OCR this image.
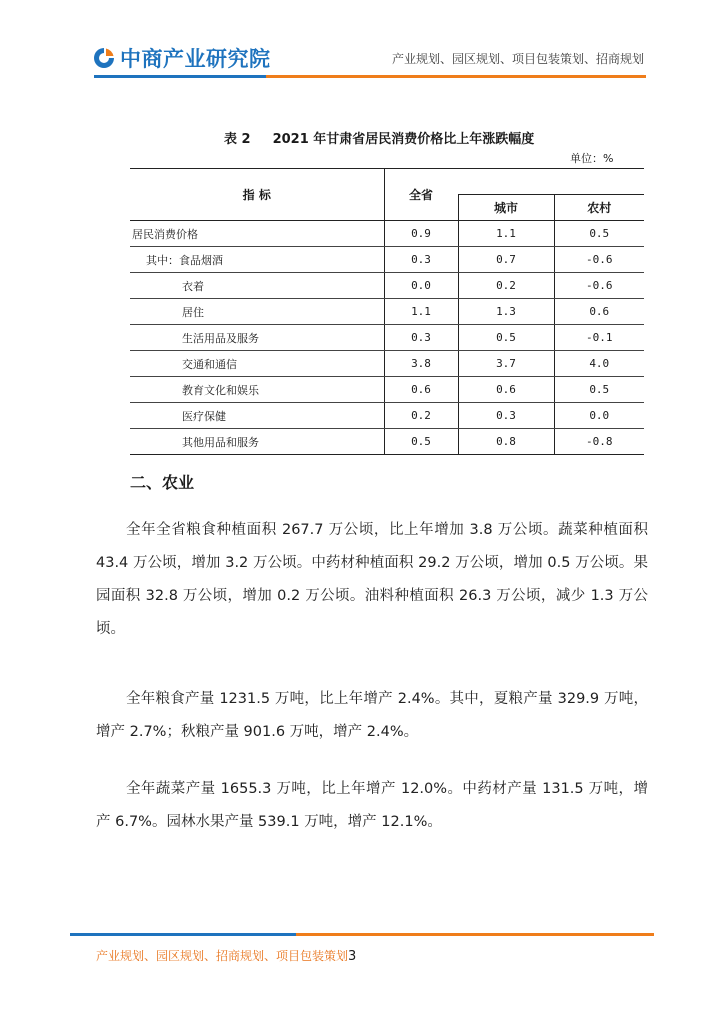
中商产业研究院	产业规划、园区规划、项目包装策划、招商规划
表 2 2021 年甘肃省居民消费价格比上年涨跌幅度
单位：%
指 标	全省		
		城市	农村
居民消费价格	0.9	1.1	0.5
其中：食品烟酒	0.3	0.7	-0.6
衣着	0.0	0.2	-0.6
居住	1.1	1.3	0.6
生活用品及服务	0.3	0.5	-0.1
交通和通信	3.8	3.7	4.0
教育文化和娱乐	0.6	0.6	0.5
医疗保健	0.2	0.3	0.0
其他用品和服务	0.5	0.8	-0.8
二、农业

全年全省粮食种植面积 267.7 万公顷，比上年增加 3.8 万公顷。蔬菜种植面积 43.4 万公顷，增加 3.2 万公顷。中药材种植面积 29.2 万公顷，增加 0.5 万公顷。果园面积 32.8 万公顷，增加 0.2 万公顷。油料种植面积 26.3 万公顷，减少 1.3 万公顷。

全年粮食产量 1231.5 万吨，比上年增产 2.4%。其中，夏粮产量 329.9 万吨，增产 2.7%；秋粮产量 901.6 万吨，增产 2.4%。

全年蔬菜产量 1655.3 万吨，比上年增产 12.0%。中药材产量 131.5 万吨，增产 6.7%。园林水果产量 539.1 万吨，增产 12.1%。

产业规划、园区规划、招商规划、项目包装策划3
